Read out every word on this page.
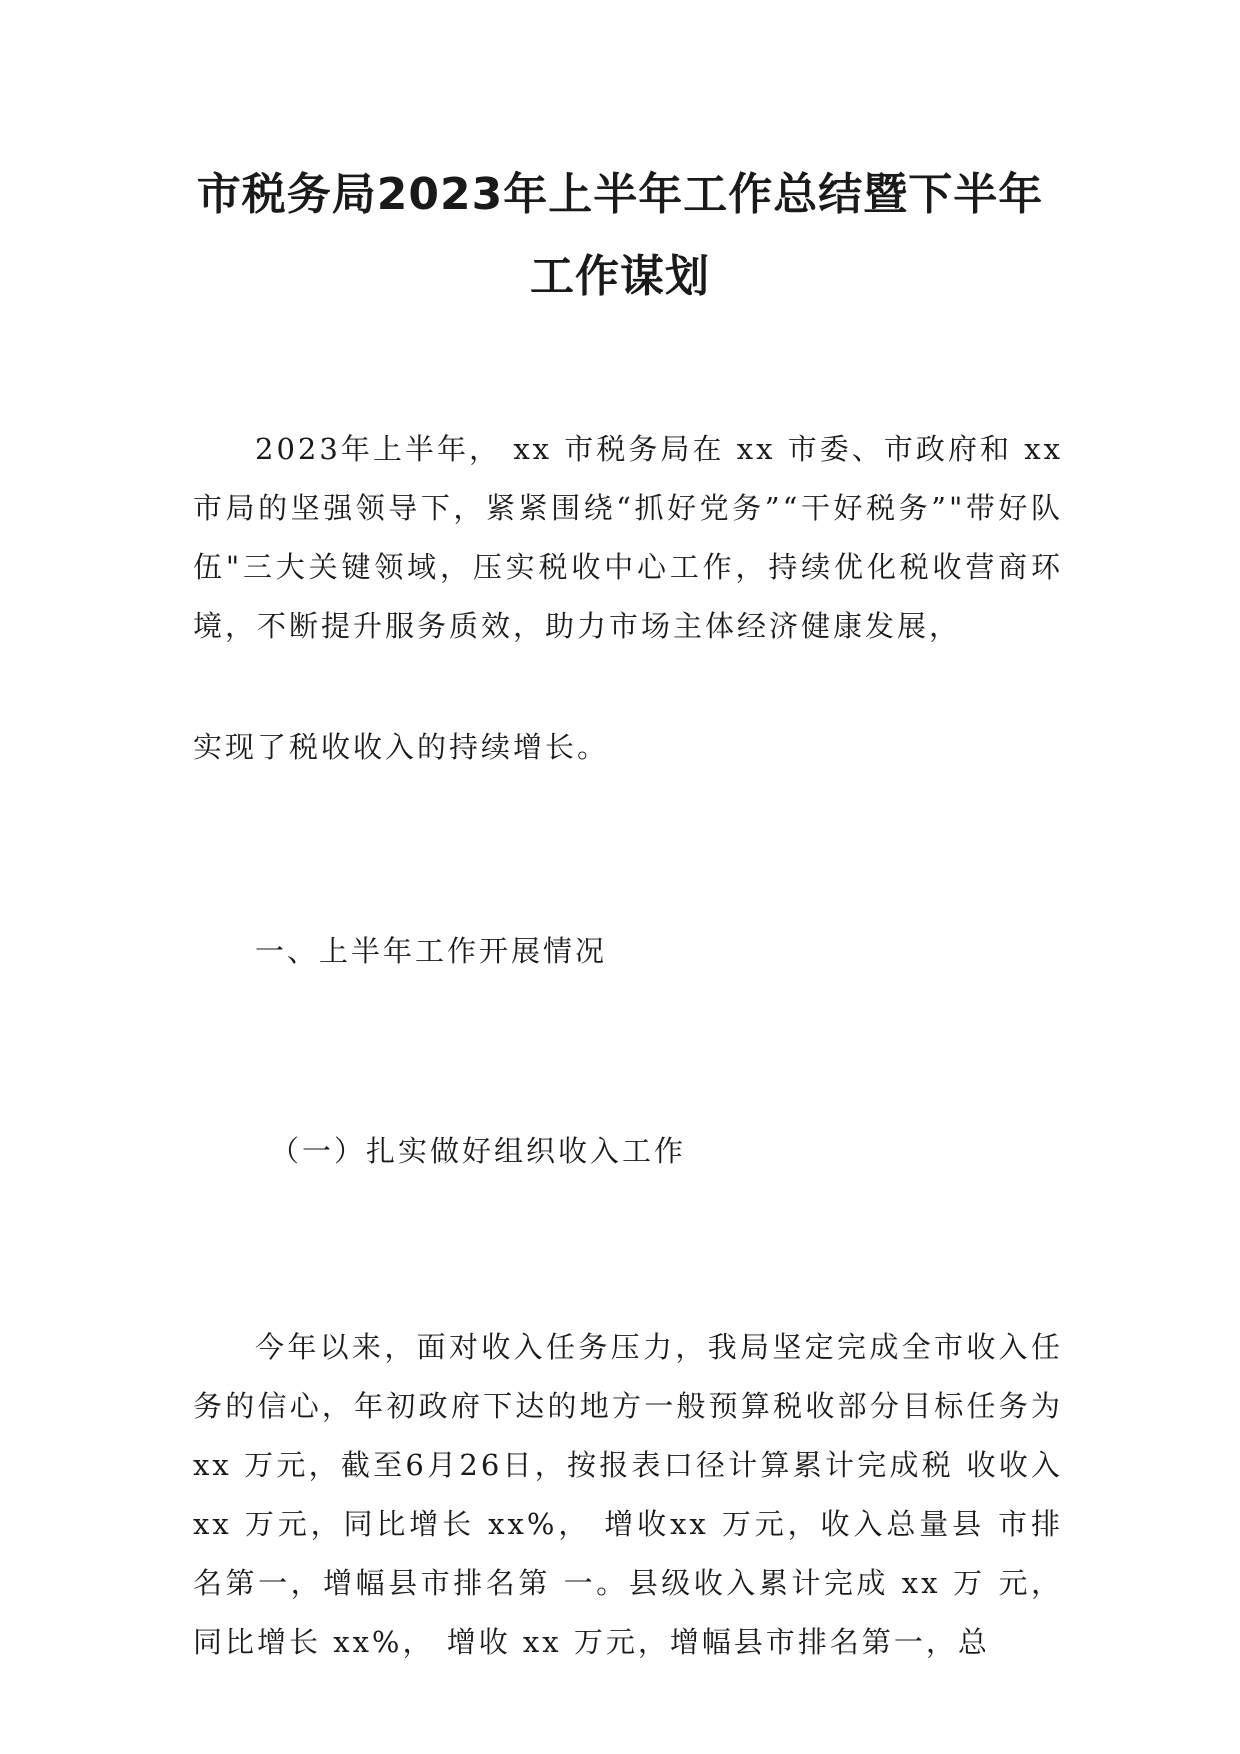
市税务局2023年上半年工作总结暨下半年
工作谋划

2023年上半年， xx 市税务局在 xx 市委、市政府和 xx 市局的坚强领导下，紧紧围绕“抓好党务”“干好税务”"带好队伍"三大关键领域，压实税收中心工作，持续优化税收营商环境，不断提升服务质效，助力市场主体经济健康发展，

实现了税收收入的持续增长。

一、上半年工作开展情况

（一）扎实做好组织收入工作

今年以来，面对收入任务压力，我局坚定完成全市收入任务的信心，年初政府下达的地方一般预算税收部分目标任务为xx 万元，截至6月26日，按报表口径计算累计完成税 收收入xx 万元，同比增长 xx%， 增收xx 万元，收入总量县 市排名第一，增幅县市排名第 一。县级收入累计完成 xx 万 元，同比增长 xx%， 增收 xx 万元，增幅县市排名第一，总
